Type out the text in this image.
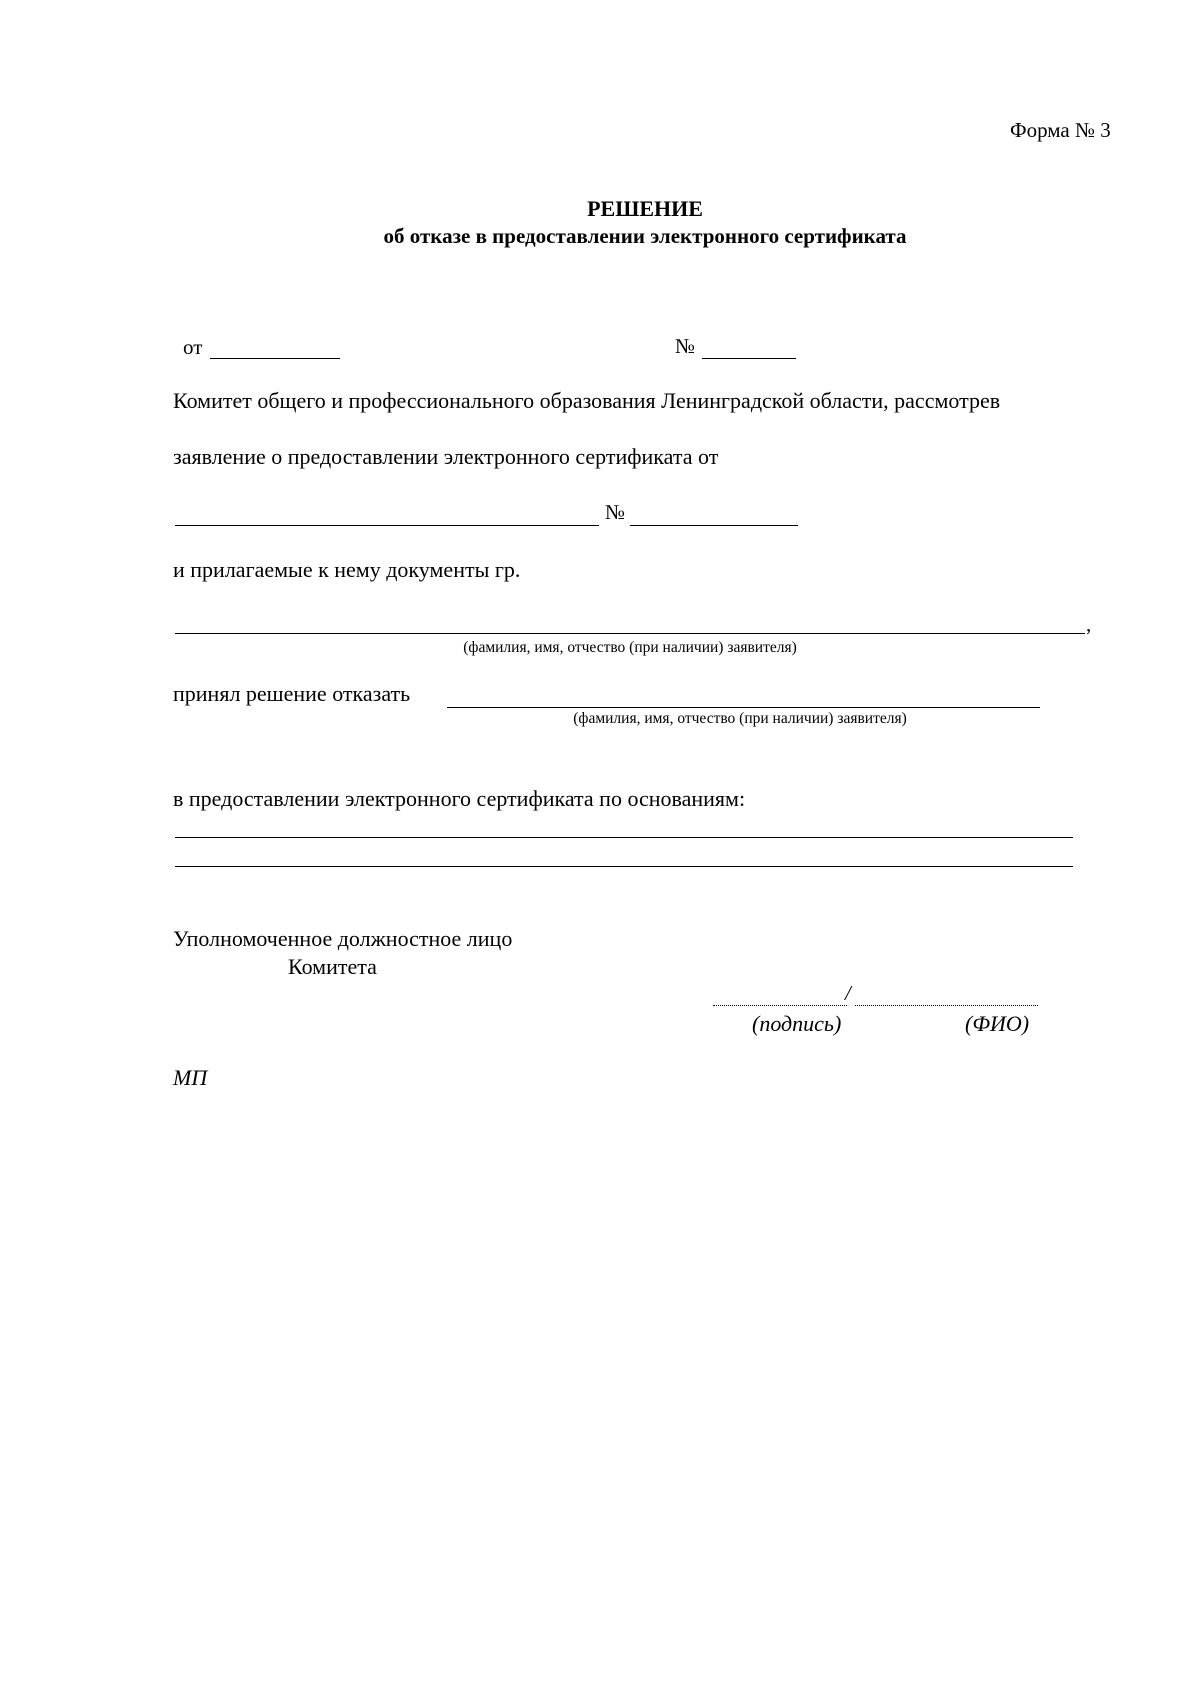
Форма № 3
РЕШЕНИЕ
об отказе в предоставлении электронного сертификата
от	№
Комитет общего и профессионального образования Ленинградской области, рассмотрев
заявление о предоставлении электронного сертификата от
№
и прилагаемые к нему документы гр.
,
(фамилия, имя, отчество (при наличии) заявителя)
принял решение отказать
(фамилия, имя, отчество (при наличии) заявителя)
в предоставлении электронного сертификата по основаниям:
Уполномоченное должностное лицо
Комитета
/
(подпись)	(ФИО)
МП
